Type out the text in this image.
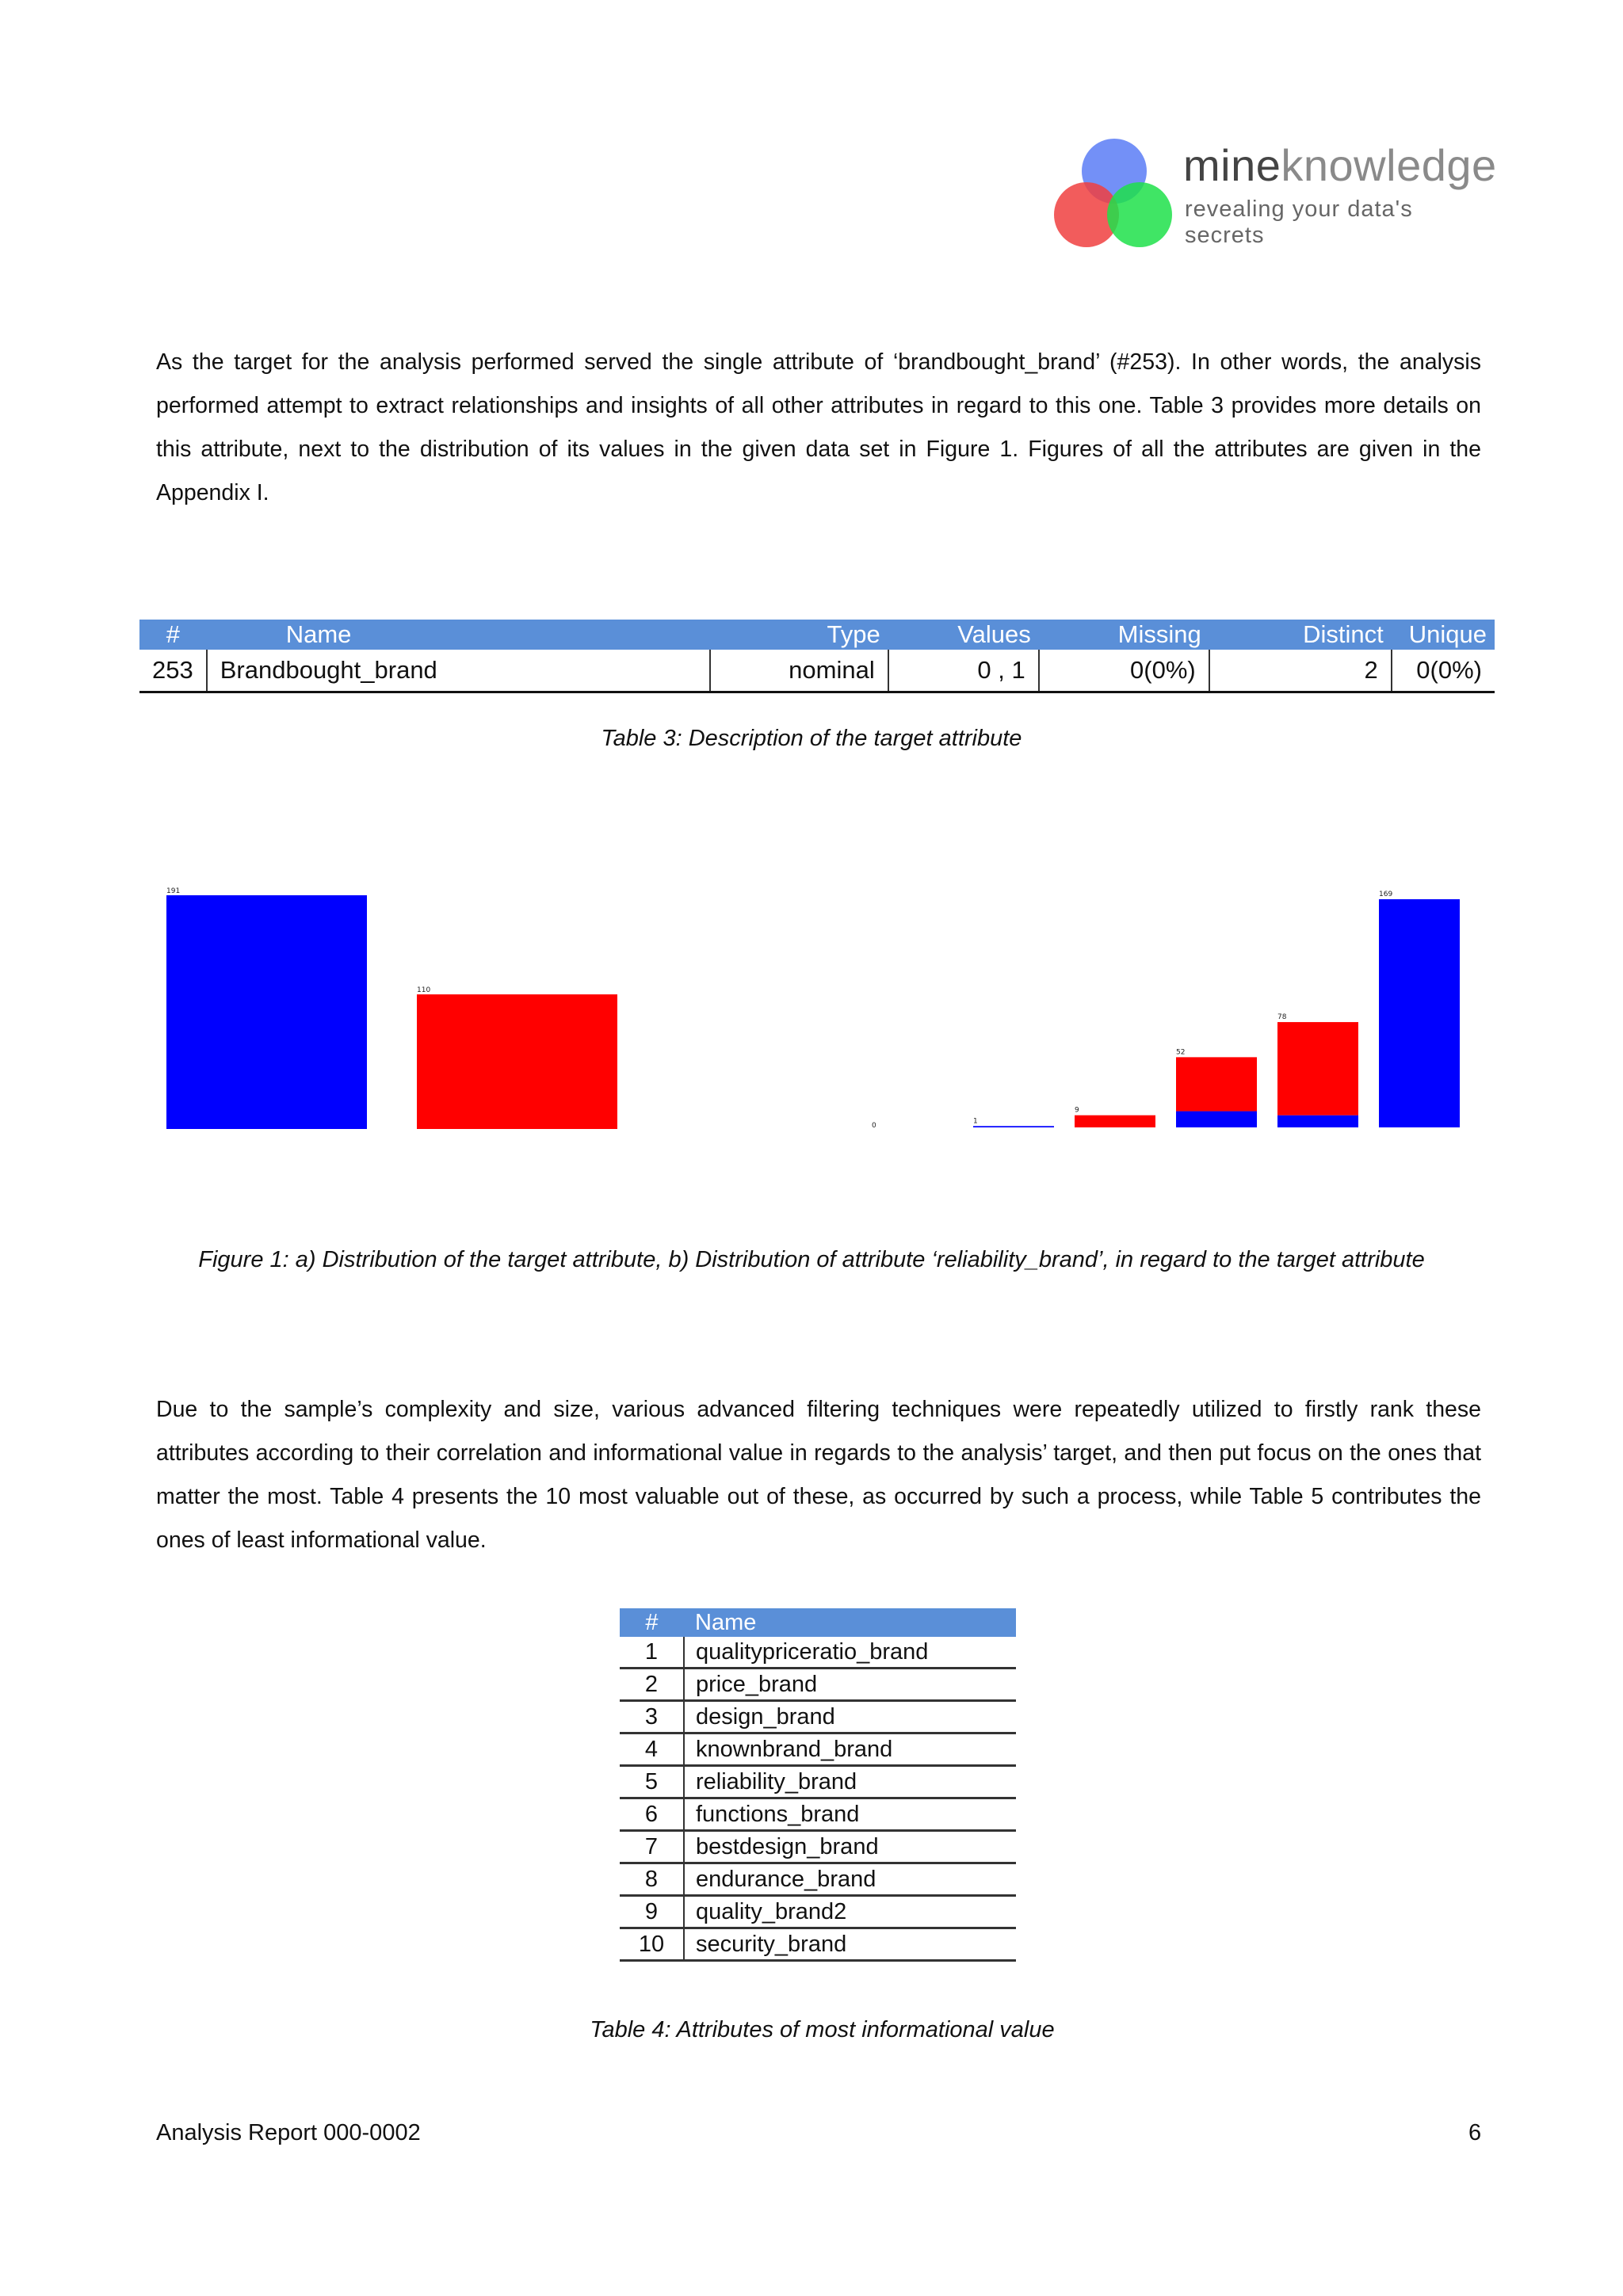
mineknowledge
revealing your data's secrets

As the target for the analysis performed served the single attribute of ‘brandbought_brand’ (#253). In other words, the analysis performed attempt to extract relationships and insights of all other attributes in regard to this one. Table 3 provides more details on this attribute, next to the distribution of its values in the given data set in Figure 1. Figures of all the attributes are given in the Appendix I.

#	Name	Type	Values	Missing	Distinct	Unique
253	Brandbought_brand	nominal	0 , 1	0(0%)	2	0(0%)
Table 3: Description of the target attribute
191
110
0
1
9
52
78
169
Figure 1: a) Distribution of the target attribute, b) Distribution of attribute ‘reliability_brand’, in regard to the target attribute

Due to the sample’s complexity and size, various advanced filtering techniques were repeatedly utilized to firstly rank these attributes according to their correlation and informational value in regards to the analysis’ target, and then put focus on the ones that matter the most. Table 4 presents the 10 most valuable out of these, as occurred by such a process, while Table 5 contributes the ones of least informational value.

#	Name
1	qualitypriceratio_brand
2	price_brand
3	design_brand
4	knownbrand_brand
5	reliability_brand
6	functions_brand
7	bestdesign_brand
8	endurance_brand
9	quality_brand2
10	security_brand
Table 4: Attributes of most informational value
Analysis Report 000-0002	6
